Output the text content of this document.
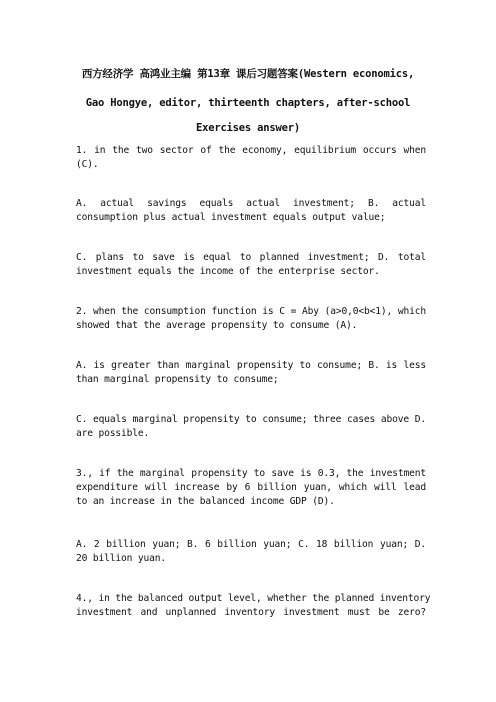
西方经济学 高鸿业主编 第13章 课后习题答案(Western economics,
Gao Hongye, editor, thirteenth chapters, after-school
Exercises answer)
1. in the two sector of the economy, equilibrium occurs when
(C).
A. actual savings equals actual investment; B. actual
consumption plus actual investment equals output value;
C. plans to save is equal to planned investment; D. total
investment equals the income of the enterprise sector.
2. when the consumption function is C = Aby (a>0,0<b<1), which
showed that the average propensity to consume (A).
A. is greater than marginal propensity to consume; B. is less
than marginal propensity to consume;
C. equals marginal propensity to consume; three cases above D.
are possible.
3., if the marginal propensity to save is 0.3, the investment
expenditure will increase by 6 billion yuan, which will lead
to an increase in the balanced income GDP (D).
A. 2 billion yuan; B. 6 billion yuan; C. 18 billion yuan; D.
20 billion yuan.
4., in the balanced output level, whether the planned inventory
investment and unplanned inventory investment must be zero?
